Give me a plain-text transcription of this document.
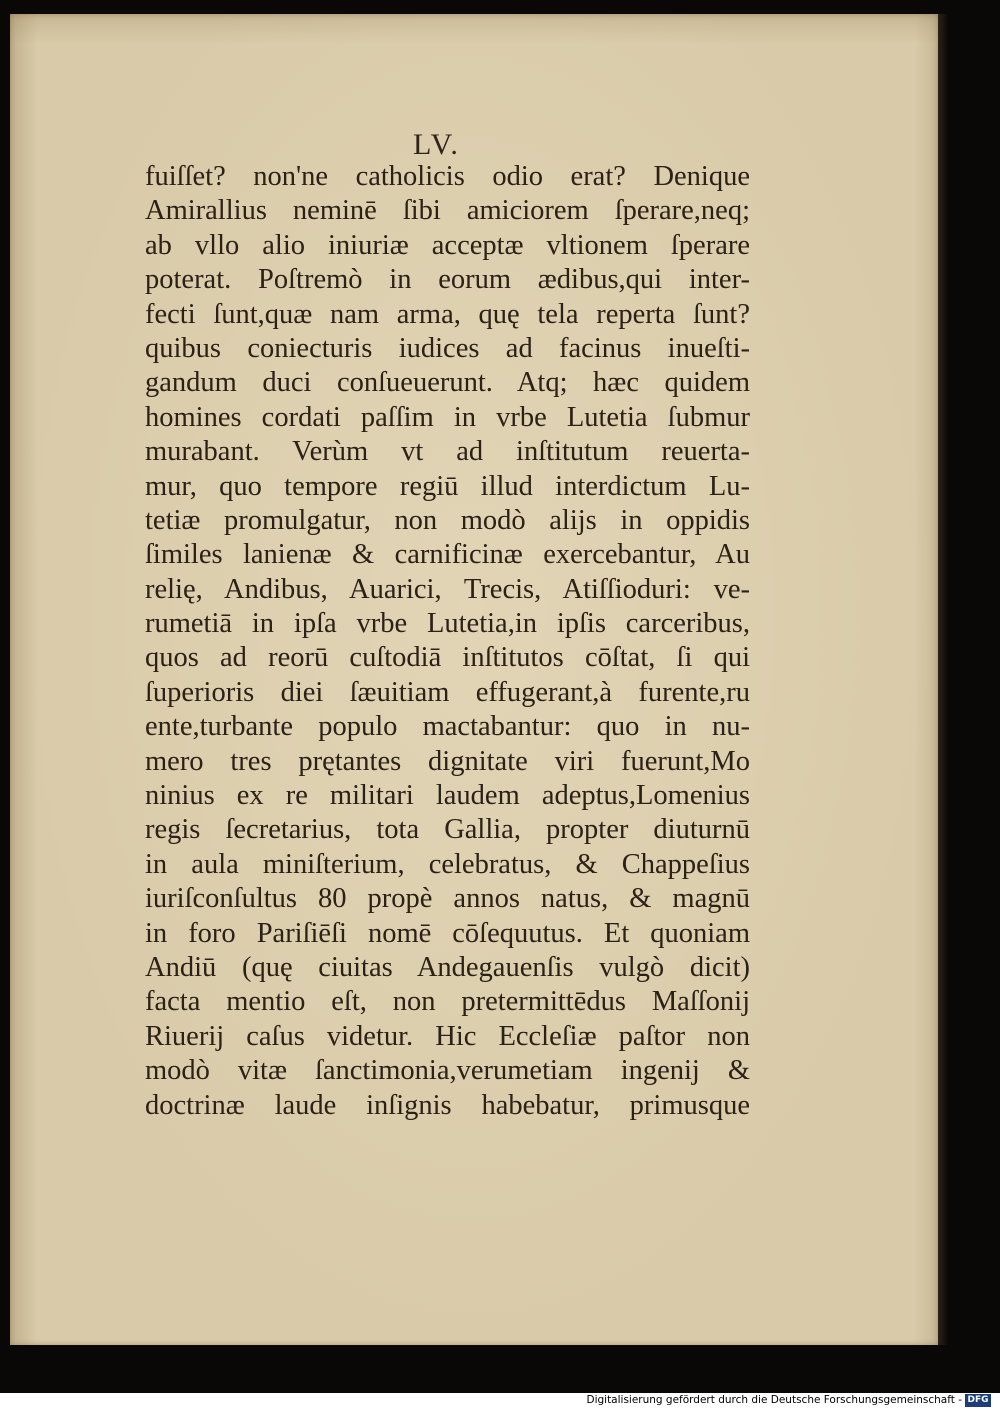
LV.
fuiſſet? non'ne catholicis odio erat? Denique
Amirallius neminē ſibi amiciorem ſperare,neq;
ab vllo alio iniuriæ acceptæ vltionem ſperare
poterat. Poſtremò in eorum ædibus,qui inter-
fecti ſunt,quæ nam arma, quę tela reperta ſunt?
quibus coniecturis iudices ad facinus inueſti-
gandum duci conſueuerunt. Atq; hæc quidem
homines cordati paſſim in vrbe Lutetia ſubmur
murabant. Verùm vt ad inſtitutum reuerta-
mur, quo tempore regiū illud interdictum Lu-
tetiæ promulgatur, non modò alijs in oppidis
ſimiles lanienæ & carnificinæ exercebantur, Au
relię, Andibus, Auarici, Trecis, Atiſſioduri: ve-
rumetiā in ipſa vrbe Lutetia,in ipſis carceribus,
quos ad reorū cuſtodiā inſtitutos cōſtat, ſi qui
ſuperioris diei ſæuitiam effugerant,à furente,ru
ente,turbante populo mactabantur: quo in nu-
mero tres prętantes dignitate viri fuerunt,Mo
ninius ex re militari laudem adeptus,Lomenius
regis ſecretarius, tota Gallia, propter diuturnū
in aula miniſterium, celebratus, & Chappeſius
iuriſconſultus 80 propè annos natus, & magnū
in foro Pariſiēſi nomē cōſequutus. Et quoniam
Andiū (quę ciuitas Andegauenſis vulgò dicit)
facta mentio eſt, non pretermittēdus Maſſonij
Riuerij caſus videtur. Hic Eccleſiæ paſtor non
modò vitæ ſanctimonia,verumetiam ingenij &
doctrinæ laude inſignis habebatur, primusque
Digitalisierung gefördert durch die Deutsche Forschungsgemeinschaft - DFG
